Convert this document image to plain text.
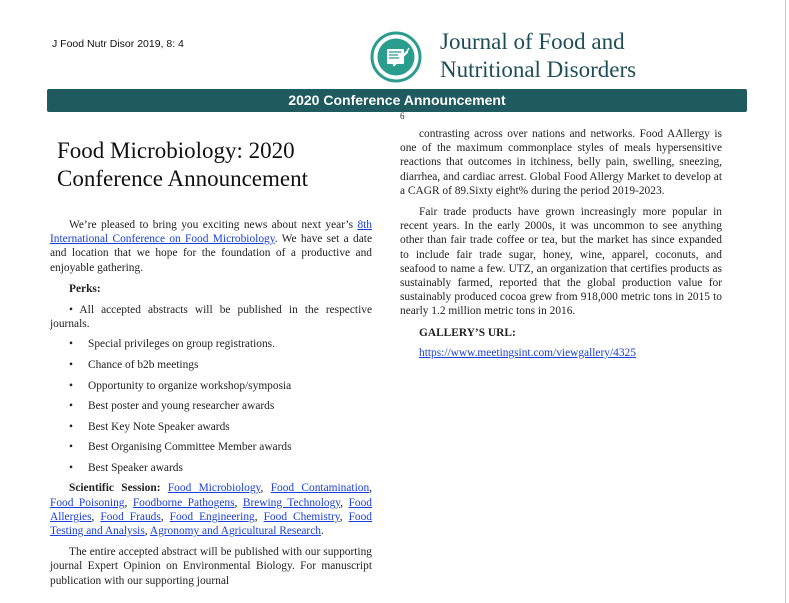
J Food Nutr Disor 2019, 8: 4	Journal of Food and
Nutritional Disorders
2020 Conference Announcement
6
Food Microbiology: 2020
Conference Announcement

We’re pleased to bring you exciting news about next year’s 8th International Conference on Food Microbiology. We have set a date and location that we hope for the foundation of a productive and enjoyable gathering.

Perks:

• All accepted abstracts will be published in the respective journals.

• Special privileges on group registrations.
• Chance of b2b meetings
• Opportunity to organize workshop/symposia
• Best poster and young researcher awards
• Best Key Note Speaker awards
• Best Organising Committee Member awards
• Best Speaker awards

Scientific Session: Food Microbiology, Food Contamination, Food Poisoning, Foodborne Pathogens, Brewing Technology, Food Allergies, Food Frauds, Food Engineering, Food Chemistry, Food Testing and Analysis, Agronomy and Agricultural Research.

The entire accepted abstract will be published with our supporting journal Expert Opinion on Environmental Biology. For manuscript publication with our supporting journal

contrasting across over nations and networks. Food AAllergy is one of the maximum commonplace styles of meals hypersensitive reactions that outcomes in itchiness, belly pain, swelling, sneezing, diarrhea, and cardiac arrest. Global Food Allergy Market to develop at a CAGR of 89.Sixty eight% during the period 2019-2023.

Fair trade products have grown increasingly more popular in recent years. In the early 2000s, it was uncommon to see anything other than fair trade coffee or tea, but the market has since expanded to include fair trade sugar, honey, wine, apparel, coconuts, and seafood to name a few. UTZ, an organization that certifies products as sustainably farmed, reported that the global production value for sustainably produced cocoa grew from 918,000 metric tons in 2015 to nearly 1.2 million metric tons in 2016.

GALLERY’S URL:

https://www.meetingsint.com/viewgallery/4325
